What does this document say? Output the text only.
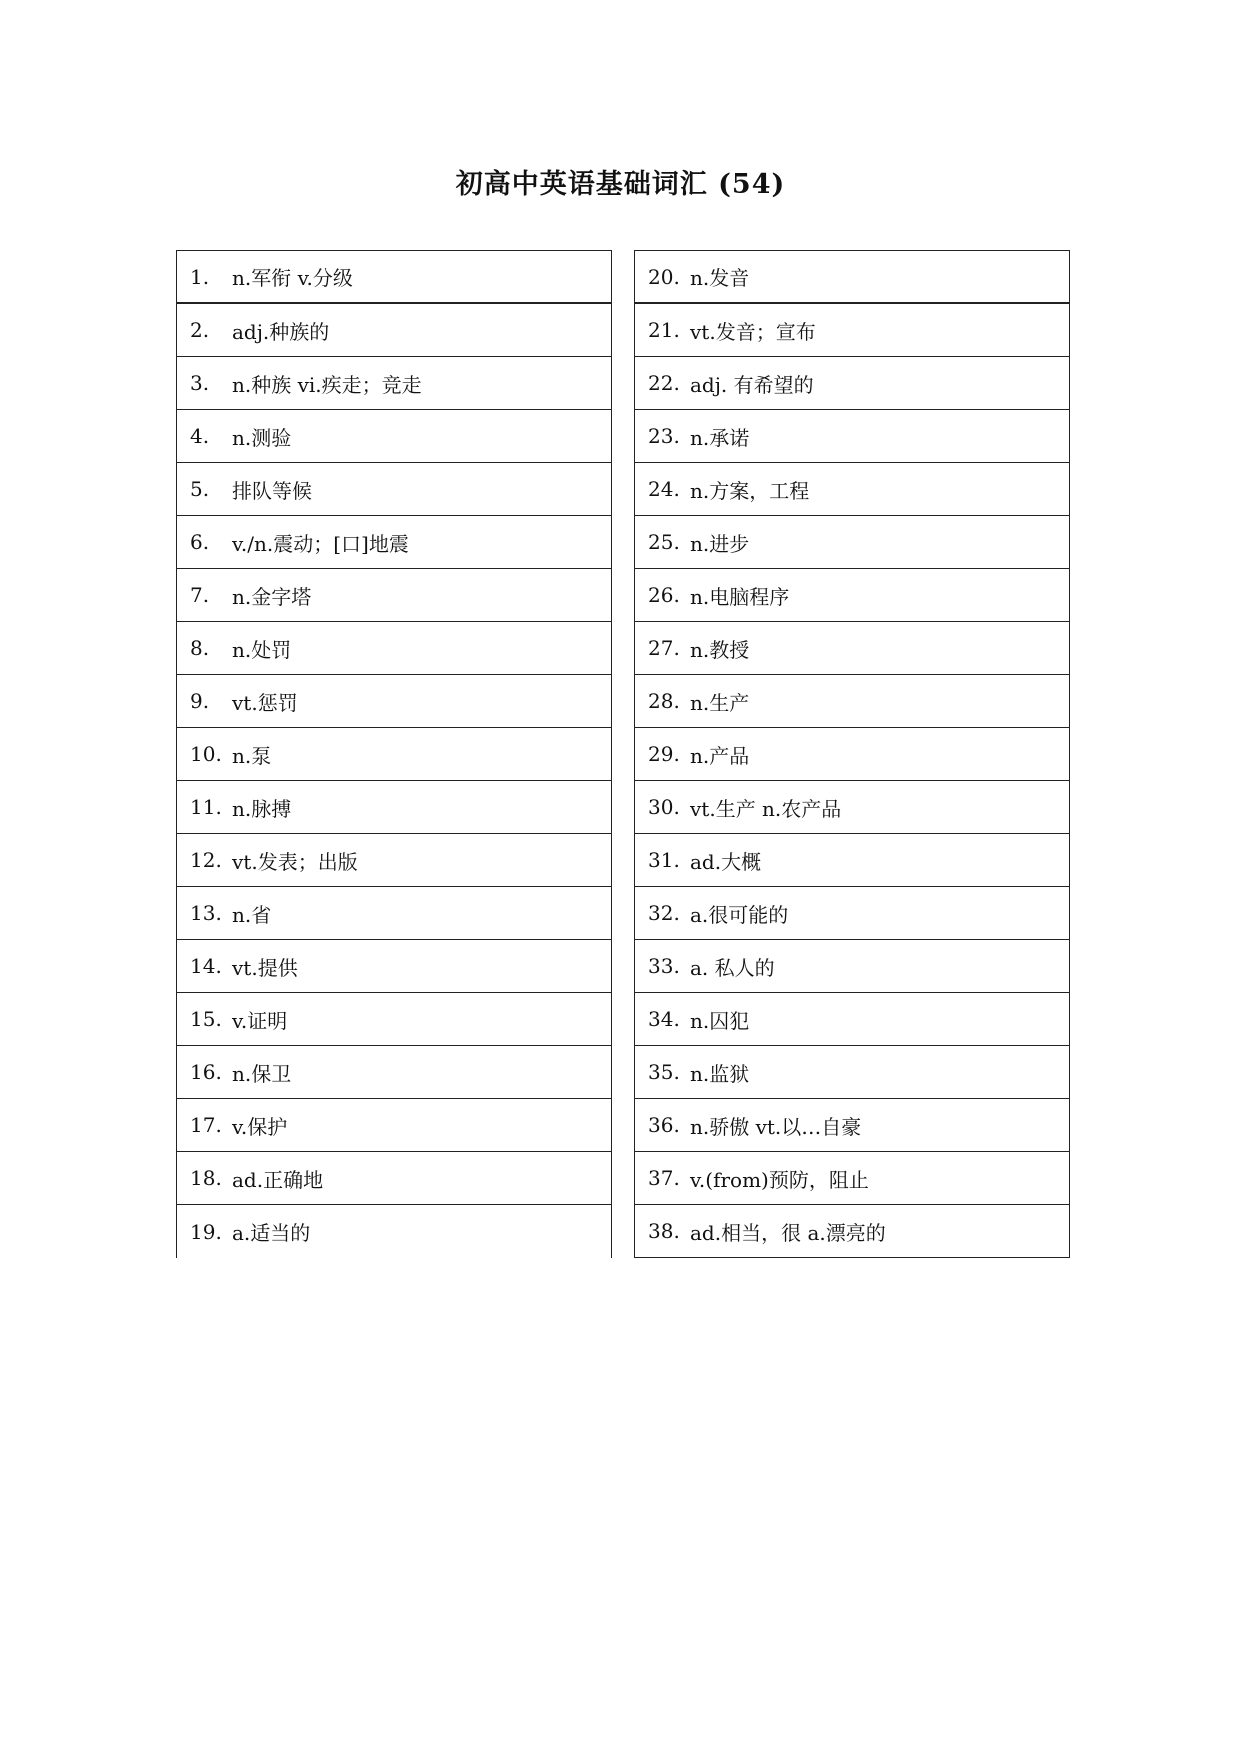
初高中英语基础词汇 (54)
1.	n.军衔 v.分级
2.	adj.种族的
3.	n.种族 vi.疾走；竞走
4.	n.测验
5.	排队等候
6.	v./n.震动；[口]地震
7.	n.金字塔
8.	n.处罚
9.	vt.惩罚
10. n.泵
11. n.脉搏
12. vt.发表；出版
13. n.省
14. vt.提供
15. v.证明
16. n.保卫
17. v.保护
18. ad.正确地
19. a.适当的
20. n.发音
21. vt.发音；宣布
22. adj. 有希望的
23. n.承诺
24. n.方案，工程
25. n.进步
26. n.电脑程序
27. n.教授
28. n.生产
29. n.产品
30. vt.生产 n.农产品
31. ad.大概
32. a.很可能的
33. a. 私人的
34. n.囚犯
35. n.监狱
36. n.骄傲 vt.以…自豪
37. v.(from)预防，阻止
38. ad.相当，很 a.漂亮的
